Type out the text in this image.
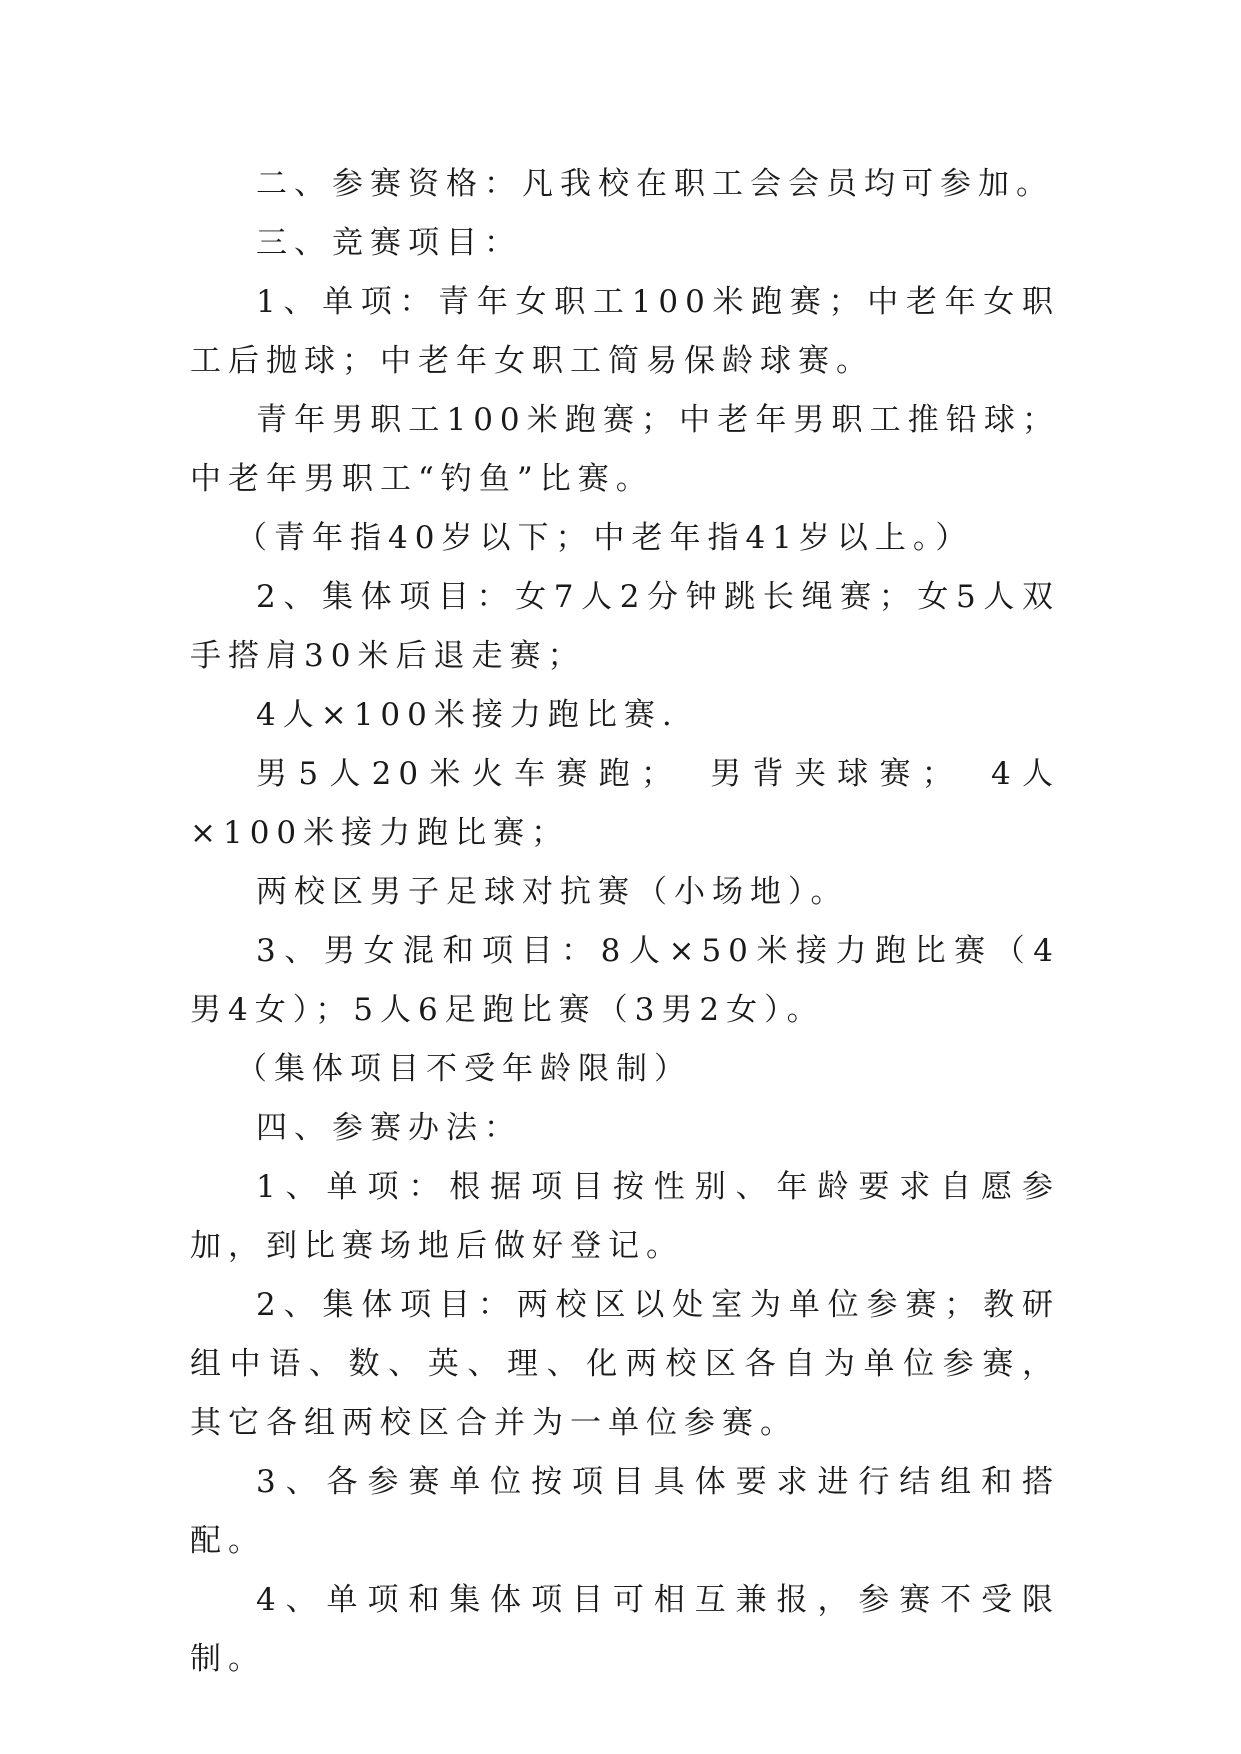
二、参赛资格：凡我校在职工会会员均可参加。

三、竞赛项目：

1、单项：青年女职工100米跑赛；中老年女职工后抛球；中老年女职工简易保龄球赛。

青年男职工100米跑赛；中老年男职工推铅球；中老年男职工“钓鱼”比赛。

（青年指40岁以下；中老年指41岁以上。）

2、集体项目：女7人2分钟跳长绳赛；女5人双手搭肩30米后退走赛；

4人×100米接力跑比赛.

男5人20米火车赛跑；　男背夹球赛；　4人×100米接力跑比赛；

两校区男子足球对抗赛（小场地）。

3、男女混和项目：8人×50米接力跑比赛（4男4女）；5人6足跑比赛（3男2女）。

（集体项目不受年龄限制）

四、参赛办法：

1、单项：根据项目按性别、年龄要求自愿参加，到比赛场地后做好登记。

2、集体项目：两校区以处室为单位参赛；教研组中语、数、英、理、化两校区各自为单位参赛，其它各组两校区合并为一单位参赛。

3、各参赛单位按项目具体要求进行结组和搭配。

4、单项和集体项目可相互兼报，参赛不受限制。
